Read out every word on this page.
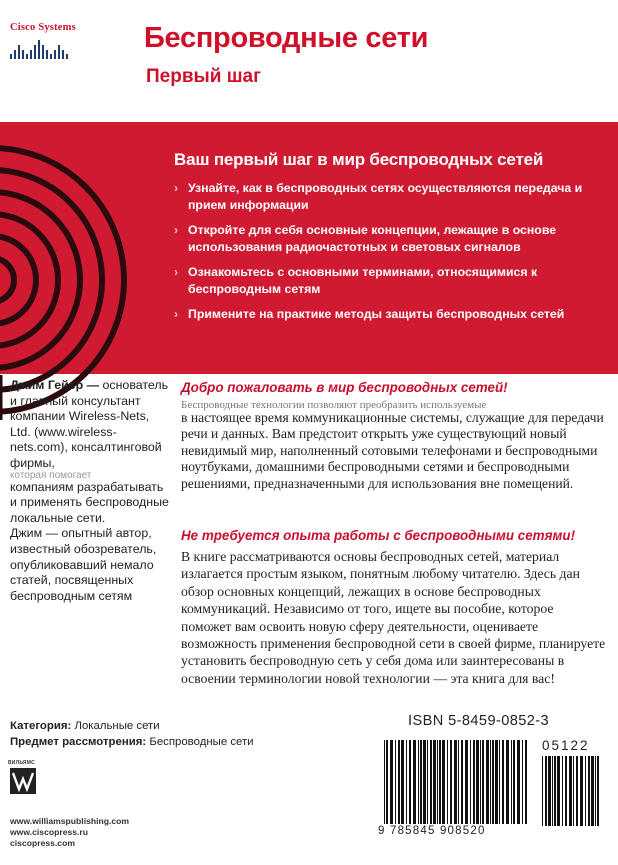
Cisco Systems	Беспроводные сети
Первый шаг
Ваш первый шаг в мир беспроводных сетей
› Узнайте, как в беспроводных сетях осуществляются передача и прием информации
› Откройте для себя основные концепции, лежащие в основе использования радиочастотных и световых сигналов
› Ознакомьтесь с основными терминами, относящимися к беспроводным сетям
› Примените на практике методы защиты беспроводных сетей
Джим Гейер — основатель и главный консультант компании Wireless-Nets, Ltd. (www.wireless-nets.com), консалтинговой фирмы,
которая помогает
компаниям разрабатывать и применять беспроводные локальные сети.
Джим — опытный автор, известный обозреватель, опубликовавший немало статей, посвященных беспроводным сетям
Добро пожаловать в мир беспроводных сетей!
Беспроводные технологии позволяют преобразить используемые
в настоящее время коммуникационные системы, служащие для передачи речи и данных. Вам предстоит открыть уже существующий новый невидимый мир, наполненный сотовыми телефонами и беспроводными ноутбуками, домашними беспроводными сетями и беспроводными решениями, предназначенными для использования вне помещений.
Не требуется опыта работы с беспроводными сетями!
В книге рассматриваются основы беспроводных сетей, материал излагается простым языком, понятным любому читателю. Здесь дан обзор основных концепций, лежащих в основе беспроводных коммуникаций. Независимо от того, ищете вы пособие, которое поможет вам освоить новую сферу деятельности, оцениваете возможность применения беспроводной сети в своей фирме, планируете установить беспроводную сеть у себя дома или заинтересованы в освоении терминологии новой технологии — эта книга для вас!
Категория: Локальные сети
Предмет рассмотрения: Беспроводные сети
ВИЛЬЯМС
ISBN 5-8459-0852-3
05122
9 785845 908520
www.williamspublishing.com
www.ciscopress.ru
ciscopress.com
